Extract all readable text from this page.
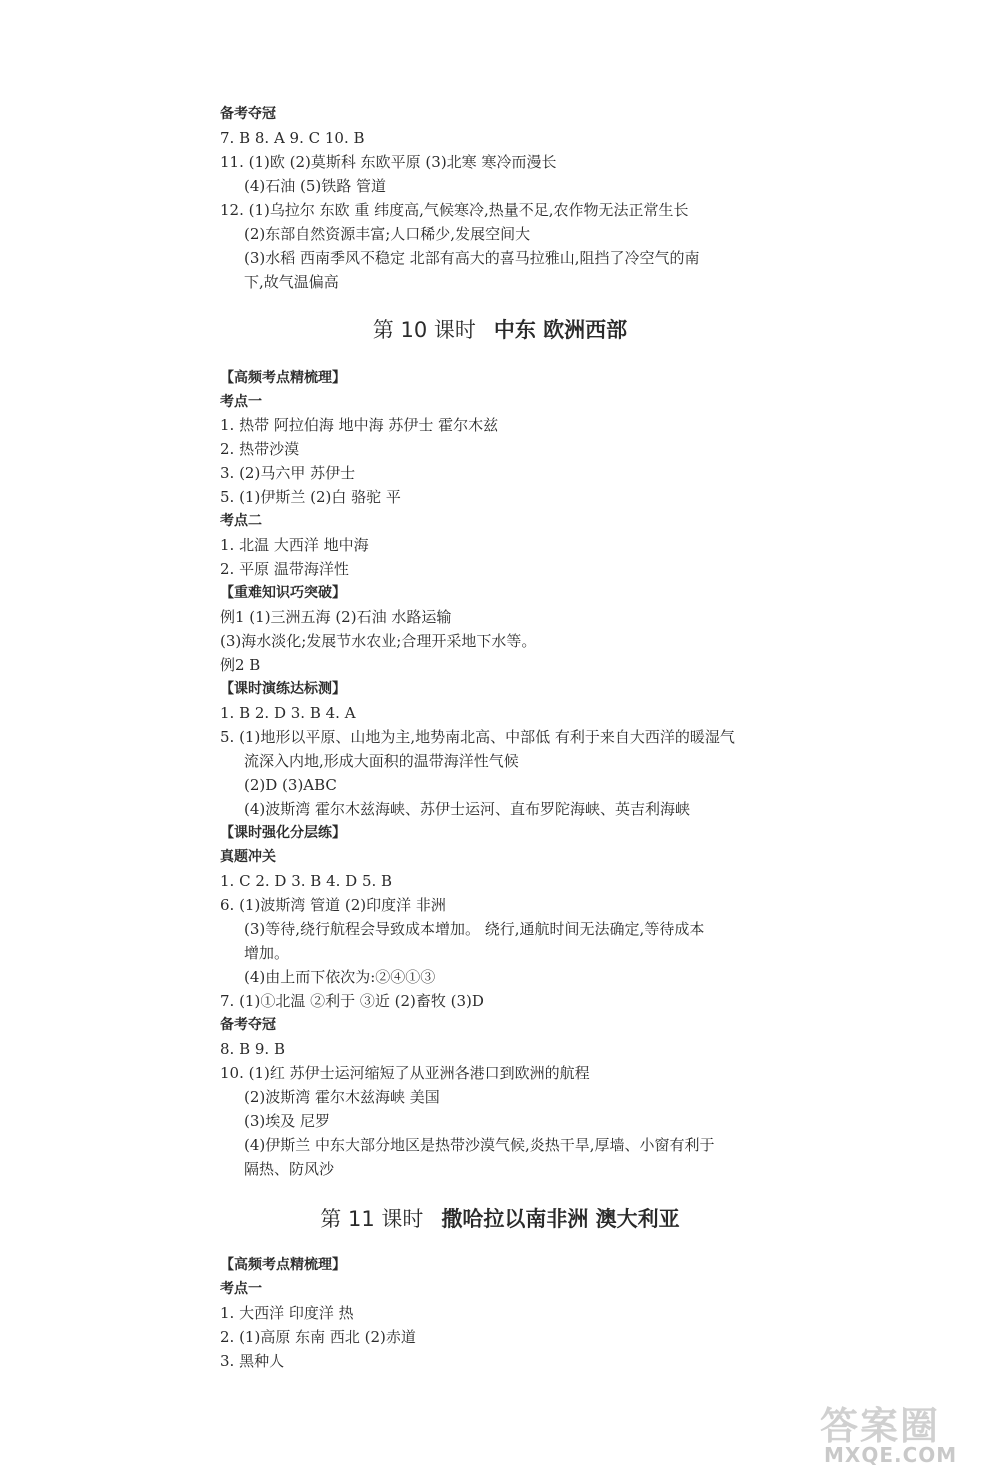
备考夺冠
7. B 8. A 9. C 10. B
11. (1)欧 (2)莫斯科 东欧平原 (3)北寒 寒冷而漫长
(4)石油 (5)铁路 管道
12. (1)乌拉尔 东欧 重 纬度高,气候寒冷,热量不足,农作物无法正常生长
(2)东部自然资源丰富;人口稀少,发展空间大
(3)水稻 西南季风不稳定 北部有高大的喜马拉雅山,阻挡了冷空气的南
下,故气温偏高
第 10 课时 中东 欧洲西部
【高频考点精梳理】
考点一
1. 热带 阿拉伯海 地中海 苏伊士 霍尔木兹
2. 热带沙漠
3. (2)马六甲 苏伊士
5. (1)伊斯兰 (2)白 骆驼 平
考点二
1. 北温 大西洋 地中海
2. 平原 温带海洋性
【重难知识巧突破】
例1 (1)三洲五海 (2)石油 水路运输
(3)海水淡化;发展节水农业;合理开采地下水等。
例2 B
【课时演练达标测】
1. B 2. D 3. B 4. A
5. (1)地形以平原、山地为主,地势南北高、中部低 有利于来自大西洋的暖湿气
流深入内地,形成大面积的温带海洋性气候
(2)D (3)ABC
(4)波斯湾 霍尔木兹海峡、苏伊士运河、直布罗陀海峡、英吉利海峡
【课时强化分层练】
真题冲关
1. C 2. D 3. B 4. D 5. B
6. (1)波斯湾 管道 (2)印度洋 非洲
(3)等待,绕行航程会导致成本增加。 绕行,通航时间无法确定,等待成本
增加。
(4)由上而下依次为:②④①③
7. (1)①北温 ②利于 ③近 (2)畜牧 (3)D
备考夺冠
8. B 9. B
10. (1)红 苏伊士运河缩短了从亚洲各港口到欧洲的航程
(2)波斯湾 霍尔木兹海峡 美国
(3)埃及 尼罗
(4)伊斯兰 中东大部分地区是热带沙漠气候,炎热干旱,厚墙、小窗有利于
隔热、防风沙
第 11 课时 撒哈拉以南非洲 澳大利亚
【高频考点精梳理】
考点一
1. 大西洋 印度洋 热
2. (1)高原 东南 西北 (2)赤道
3. 黑种人
答案圈
MXQE.COM
